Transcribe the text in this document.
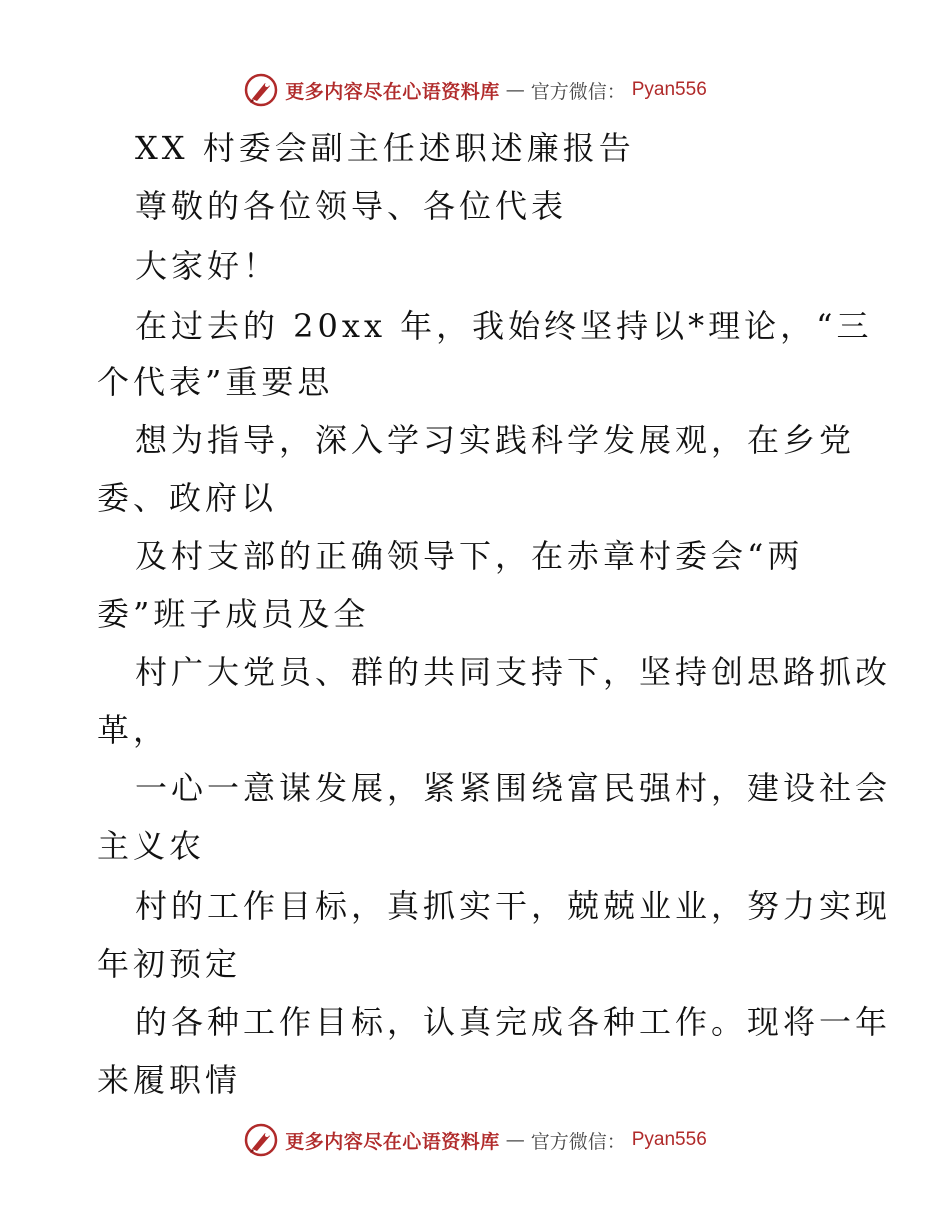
更多内容尽在心语资料库 — 官方微信： Pyan556
XX 村委会副主任述职述廉报告
尊敬的各位领导、各位代表
大家好！
在过去的 20xx 年，我始终坚持以*理论，“三
个代表”重要思
想为指导，深入学习实践科学发展观，在乡党
委、政府以
及村支部的正确领导下，在赤章村委会“两
委”班子成员及全
村广大党员、群的共同支持下，坚持创思路抓改
革，
一心一意谋发展，紧紧围绕富民强村，建设社会
主义农
村的工作目标，真抓实干，兢兢业业，努力实现
年初预定
的各种工作目标，认真完成各种工作。现将一年
来履职情
更多内容尽在心语资料库 — 官方微信： Pyan556
